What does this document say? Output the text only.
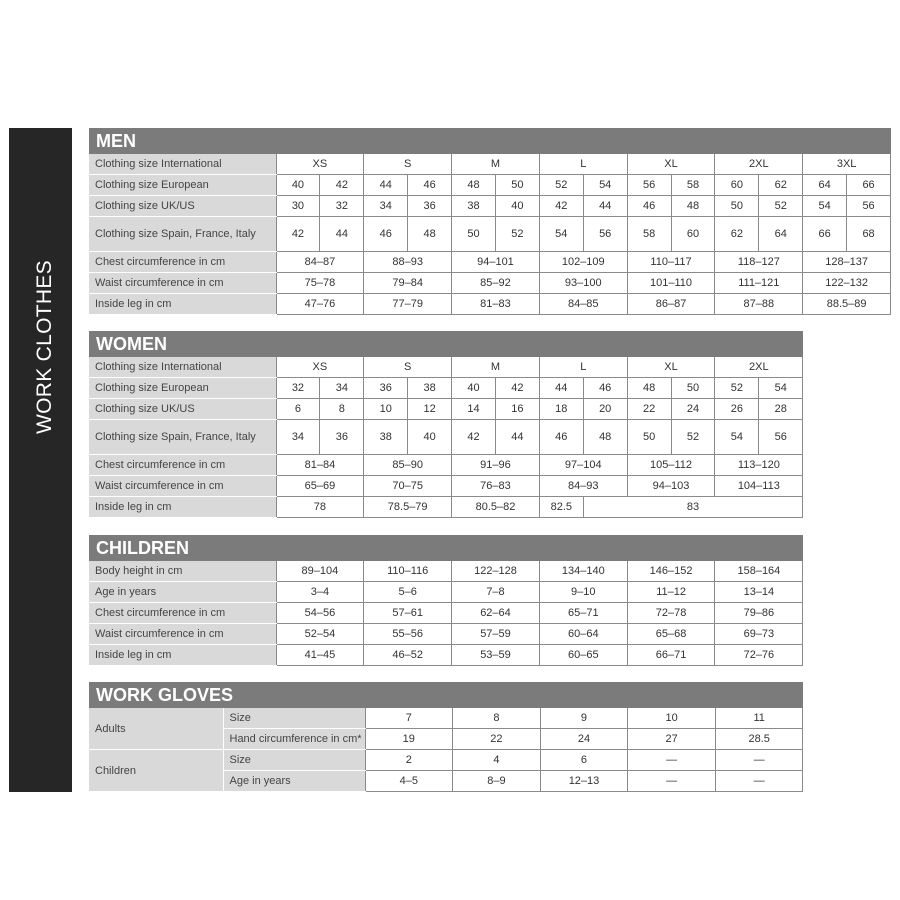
WORK CLOTHES
MEN
Clothing size International	XS		S		M		L		XL		2XL		3XL	
Clothing size European	40	42	44	46	48	50	52	54	56	58	60	62	64	66
Clothing size UK/US	30	32	34	36	38	40	42	44	46	48	50	52	54	56
Clothing size Spain, France, Italy	42	44	46	48	50	52	54	56	58	60	62	64	66	68
Chest circumference in cm	84–87		88–93		94–101		102–109		110–117		118–127		128–137	
Waist circumference in cm	75–78		79–84		85–92		93–100		101–110		111–121		122–132	
Inside leg in cm	47–76		77–79		81–83		84–85		86–87		87–88		88.5–89	
WOMEN
Clothing size International	XS		S		M		L		XL		2XL	
Clothing size European	32	34	36	38	40	42	44	46	48	50	52	54
Clothing size UK/US	6	8	10	12	14	16	18	20	22	24	26	28
Clothing size Spain, France, Italy	34	36	38	40	42	44	46	48	50	52	54	56
Chest circumference in cm	81–84		85–90		91–96		97–104		105–112		113–120	
Waist circumference in cm	65–69		70–75		76–83		84–93		94–103		104–113	
Inside leg in cm	78		78.5–79		80.5–82		82.5	83				
CHILDREN
Body height in cm	89–104	110–116	122–128	134–140	146–152	158–164
Age in years	3–4	5–6	7–8	9–10	11–12	13–14
Chest circumference in cm	54–56	57–61	62–64	65–71	72–78	79–86
Waist circumference in cm	52–54	55–56	57–59	60–64	65–68	69–73
Inside leg in cm	41–45	46–52	53–59	60–65	66–71	72–76
WORK GLOVES
Adults	Size	7	8	9	10	11
	Hand circumference in cm*	19	22	24	27	28.5
Children	Size	2	4	6	—	—
	Age in years	4–5	8–9	12–13	—	—
